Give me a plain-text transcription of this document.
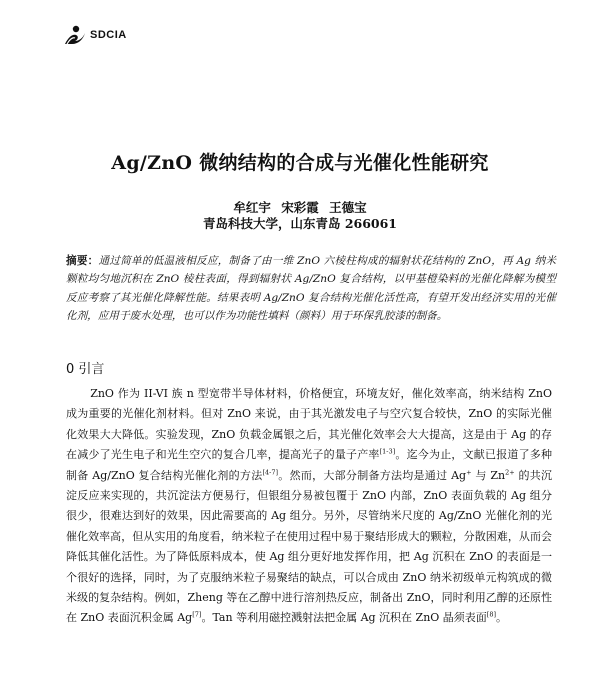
SDCIA
Ag/ZnO 微纳结构的合成与光催化性能研究
牟红宇 宋彩霞 王德宝
青岛科技大学，山东青岛 266061
摘要：通过简单的低温液相反应，制备了由一维 ZnO 六棱柱构成的辐射状花结构的 ZnO，再 Ag 纳米颗粒均匀地沉积在 ZnO 棱柱表面，得到辐射状 Ag/ZnO 复合结构，以甲基橙染料的光催化降解为模型反应考察了其光催化降解性能。结果表明 Ag/ZnO 复合结构光催化活性高，有望开发出经济实用的光催化剂，应用于废水处理，也可以作为功能性填料（颜料）用于环保乳胶漆的制备。
0 引言
ZnO 作为 II-VI 族 n 型宽带半导体材料，价格便宜，环境友好，催化效率高，纳米结构 ZnO 成为重要的光催化剂材料。但对 ZnO 来说，由于其光激发电子与空穴复合较快，ZnO 的实际光催化效果大大降低。实验发现，ZnO 负载金属银之后，其光催化效率会大大提高，这是由于 Ag 的存在减少了光生电子和光生空穴的复合几率，提高光子的量子产率[1-3]。迄今为止，文献已报道了多种制备 Ag/ZnO 复合结构光催化剂的方法[4-7]。然而，大部分制备方法均是通过 Ag+ 与 $Zn^{2+}$ 的共沉淀反应来实现的，共沉淀法方便易行，但银组分易被包覆于 ZnO 内部，ZnO 表面负载的 Ag 组分很少，很难达到好的效果，因此需要高的 Ag 组分。另外，尽管纳米尺度的 Ag/ZnO 光催化剂的光催化效率高，但从实用的角度看，纳米粒子在使用过程中易于聚结形成大的颗粒，分散困难，从而会降低其催化活性。为了降低原料成本，使 Ag 组分更好地发挥作用，把 Ag 沉积在 ZnO 的表面是一个很好的选择，同时，为了克服纳米粒子易聚结的缺点，可以合成由 ZnO 纳米初级单元构筑成的微米级的复杂结构。例如，Zheng 等在乙醇中进行溶剂热反应，制备出 ZnO，同时利用乙醇的还原性在 ZnO 表面沉积金属 Ag[7]。Tan 等利用磁控溅射法把金属 Ag 沉积在 ZnO 晶须表面[8]。
